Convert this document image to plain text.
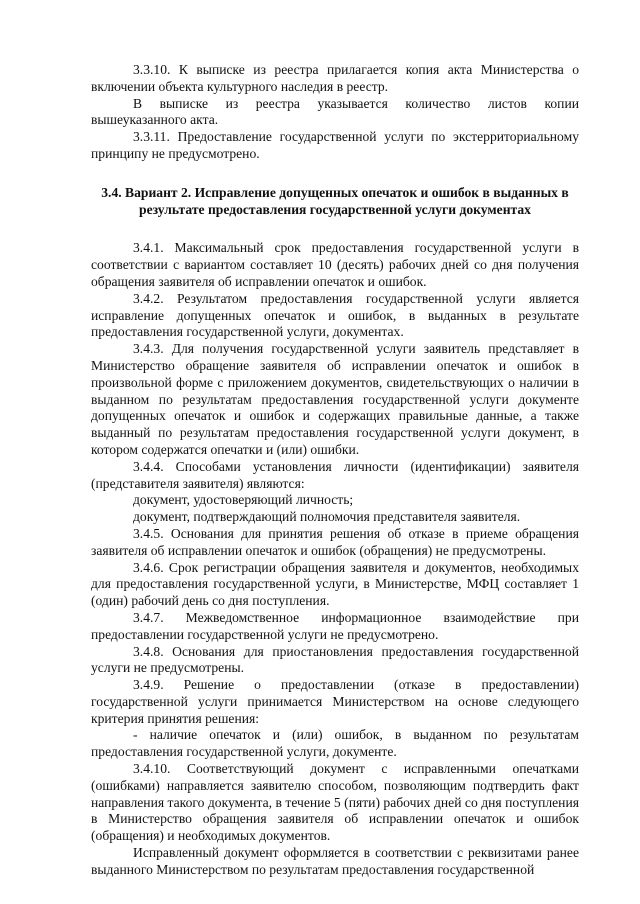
3.3.10. К выписке из реестра прилагается копия акта Министерства о включении объекта культурного наследия в реестр.

В выписке из реестра указывается количество листов копии вышеуказанного акта.

3.3.11. Предоставление государственной услуги по экстерриториальному принципу не предусмотрено.

3.4. Вариант 2. Исправление допущенных опечаток и ошибок в выданных в результате предоставления государственной услуги документах

3.4.1. Максимальный срок предоставления государственной услуги в соответствии с вариантом составляет 10 (десять) рабочих дней со дня получения обращения заявителя об исправлении опечаток и ошибок.

3.4.2. Результатом предоставления государственной услуги является исправление допущенных опечаток и ошибок, в выданных в результате предоставления государственной услуги, документах.

3.4.3. Для получения государственной услуги заявитель представляет в Министерство обращение заявителя об исправлении опечаток и ошибок в произвольной форме с приложением документов, свидетельствующих о наличии в выданном по результатам предоставления государственной услуги документе допущенных опечаток и ошибок и содержащих правильные данные, а также выданный по результатам предоставления государственной услуги документ, в котором содержатся опечатки и (или) ошибки.

3.4.4. Способами установления личности (идентификации) заявителя (представителя заявителя) являются:

документ, удостоверяющий личность;

документ, подтверждающий полномочия представителя заявителя.

3.4.5. Основания для принятия решения об отказе в приеме обращения заявителя об исправлении опечаток и ошибок (обращения) не предусмотрены.

3.4.6. Срок регистрации обращения заявителя и документов, необходимых для предоставления государственной услуги, в Министерстве, МФЦ составляет 1 (один) рабочий день со дня поступления.

3.4.7. Межведомственное информационное взаимодействие при предоставлении государственной услуги не предусмотрено.

3.4.8. Основания для приостановления предоставления государственной услуги не предусмотрены.

3.4.9. Решение о предоставлении (отказе в предоставлении) государственной услуги принимается Министерством на основе следующего критерия принятия решения:

- наличие опечаток и (или) ошибок, в выданном по результатам предоставления государственной услуги, документе.

3.4.10. Соответствующий документ с исправленными опечатками (ошибками) направляется заявителю способом, позволяющим подтвердить факт направления такого документа, в течение 5 (пяти) рабочих дней со дня поступления в Министерство обращения заявителя об исправлении опечаток и ошибок (обращения) и необходимых документов.

Исправленный документ оформляется в соответствии с реквизитами ранее выданного Министерством по результатам предоставления государственной
